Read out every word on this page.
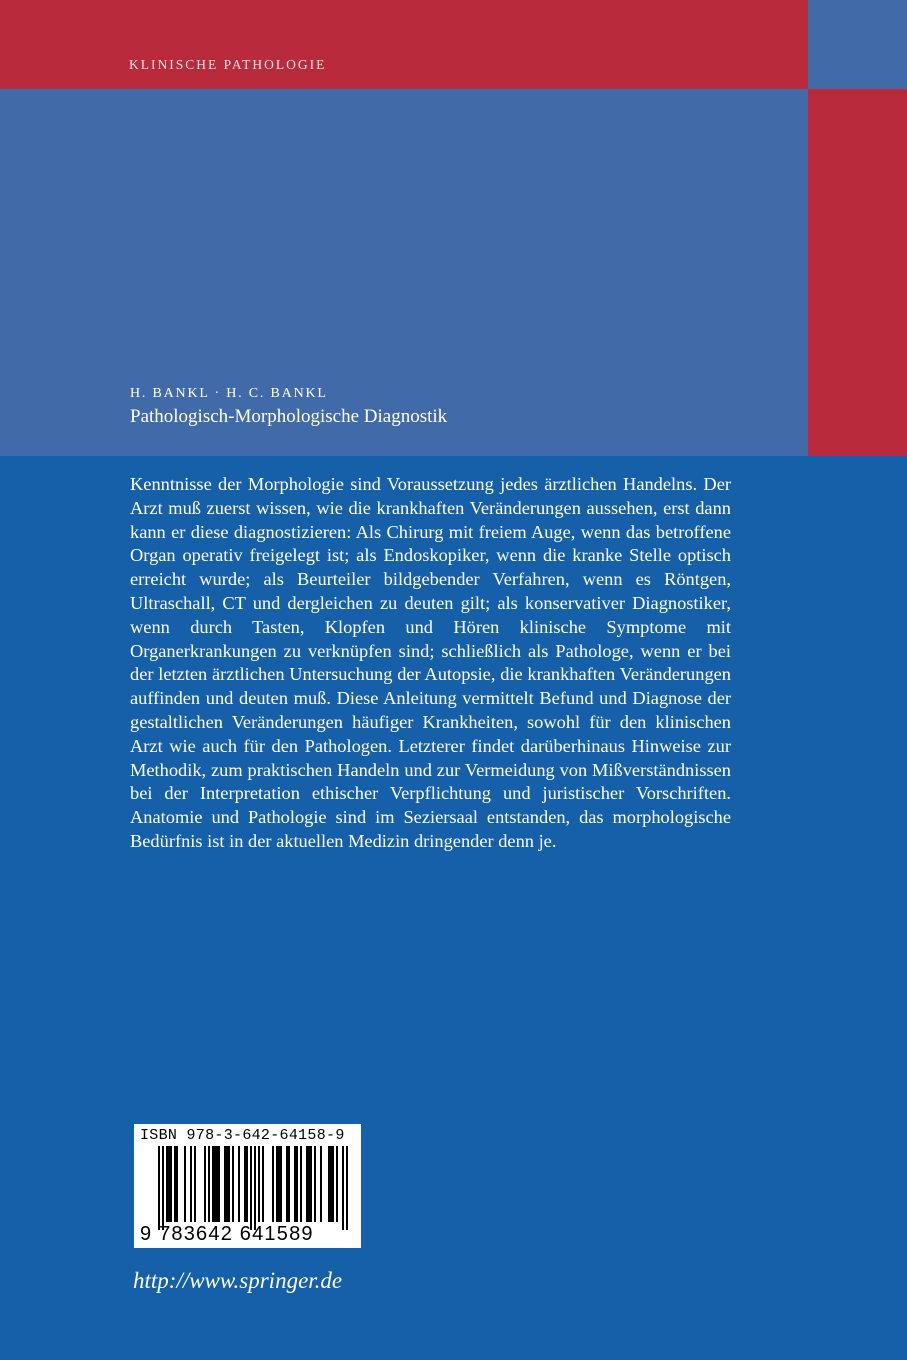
KLINISCHE PATHOLOGIE
H. BANKL · H. C. BANKL
Pathologisch-Morphologische Diagnostik
Kenntnisse der Morphologie sind Voraussetzung jedes ärztlichen Handelns. Der Arzt muß zuerst wissen, wie die krankhaften Veränderungen aussehen, erst dann kann er diese diagnostizieren: Als Chirurg mit freiem Auge, wenn das betroffene Organ operativ freigelegt ist; als Endoskopiker, wenn die kranke Stelle optisch erreicht wurde; als Beurteiler bildgebender Verfahren, wenn es Röntgen, Ultraschall, CT und dergleichen zu deuten gilt; als konservativer Diagnostiker, wenn durch Tasten, Klopfen und Hören klinische Symptome mit Organerkrankungen zu verknüpfen sind; schließlich als Pathologe, wenn er bei der letzten ärztlichen Untersuchung der Autopsie, die krankhaften Veränderungen auffinden und deuten muß. Diese Anleitung vermittelt Befund und Diagnose der gestaltlichen Veränderungen häufiger Krankheiten, sowohl für den klinischen Arzt wie auch für den Pathologen. Letzterer findet darüberhinaus Hinweise zur Methodik, zum praktischen Handeln und zur Vermeidung von Mißverständnissen bei der Interpretation ethischer Verpflichtung und juristischer Vorschriften. Anatomie und Pathologie sind im Seziersaal entstanden, das morphologische Bedürfnis ist in der aktuellen Medizin dringender denn je.
ISBN 978-3-642-64158-9
9 783642 641589
http://www.springer.de
